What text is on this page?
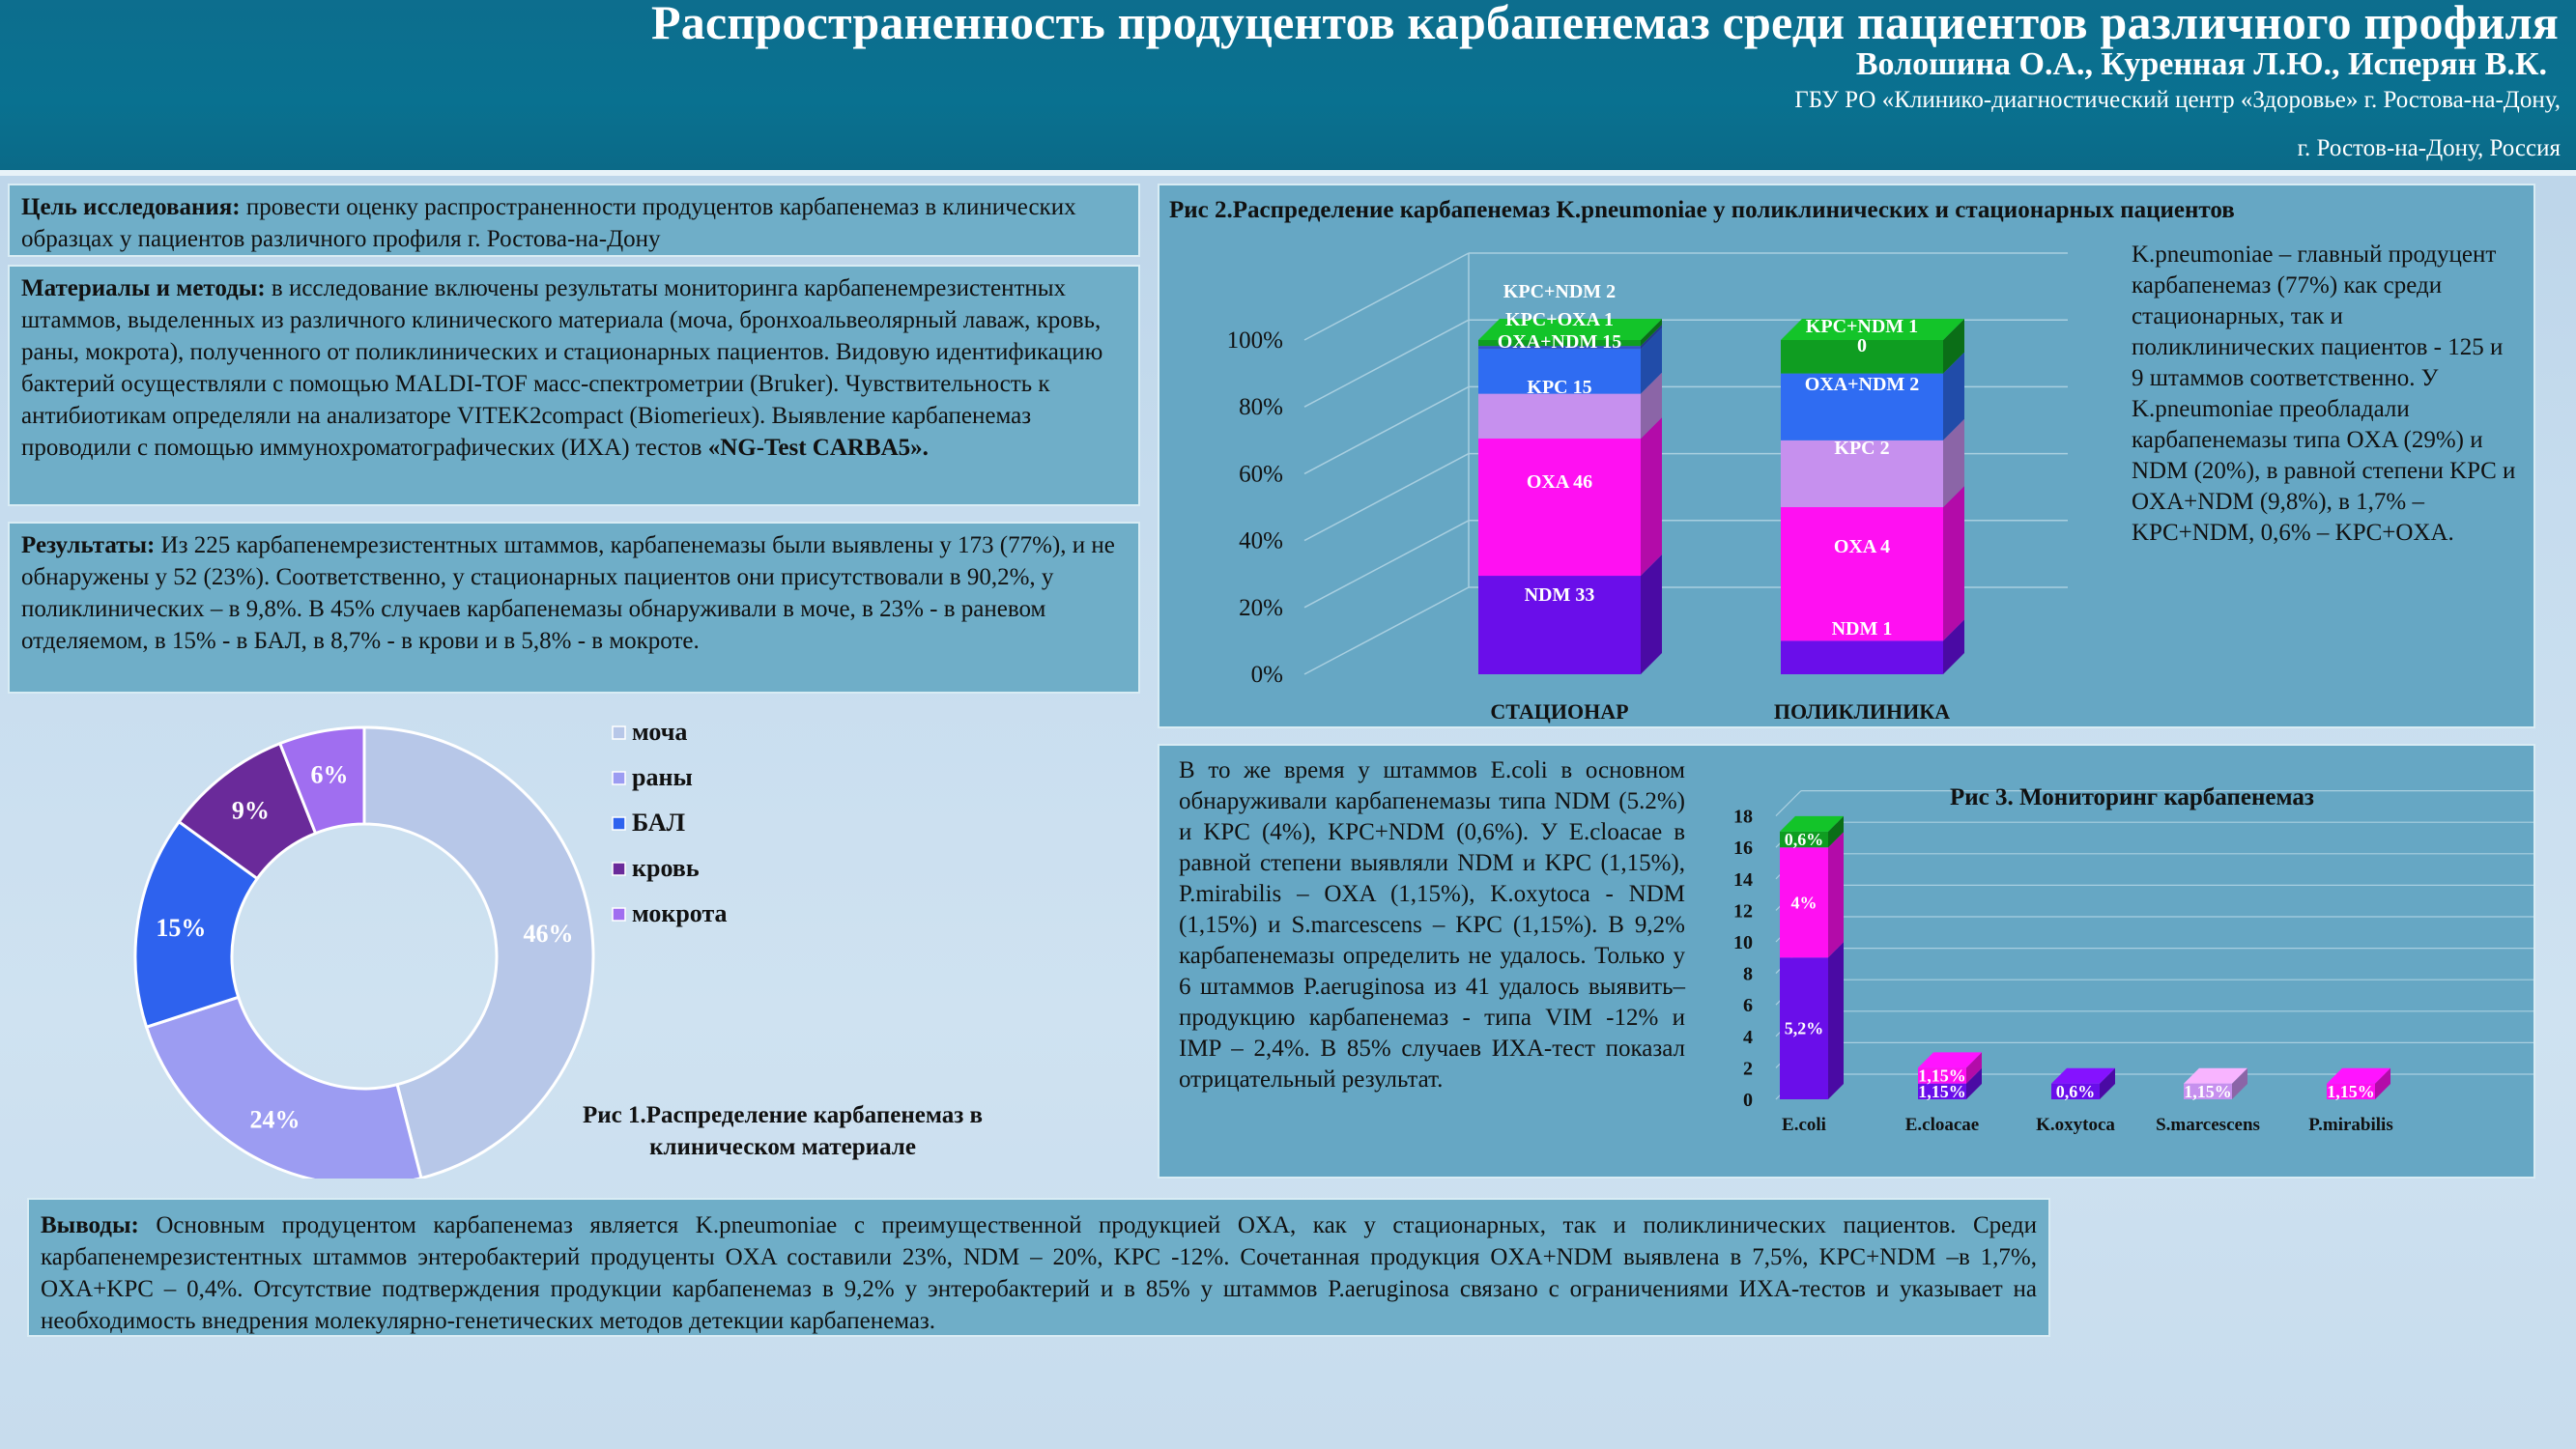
Распространенность продуцентов карбапенемаз среди пациентов различного профиля
Волошина О.А., Куренная Л.Ю., Исперян В.К.
ГБУ РО «Клинико-диагностический центр «Здоровье» г. Ростова-на-Дону,
г. Ростов-на-Дону, Россия
Цель исследования: провести оценку распространенности продуцентов карбапенемаз в клинических образцах у пациентов различного профиля г. Ростова-на-Дону
Материалы и методы: в исследование включены результаты мониторинга карбапенемрезистентных штаммов, выделенных из различного клинического материала (моча, бронхоальвеолярный лаваж, кровь, раны, мокрота), полученного от поликлинических и стационарных пациентов. Видовую идентификацию бактерий осуществляли с помощью MALDI-TOF масс-спектрометрии (Bruker). Чувствительность к антибиотикам определяли на анализаторе VITEK2compact (Biomerieux). Выявление карбапенемаз проводили с помощью иммунохроматографических (ИХА) тестов «NG-Test CARBA5».
Результаты: Из 225 карбапенемрезистентных штаммов, карбапенемазы были выявлены у 173 (77%), и не обнаружены у 52 (23%). Соответственно, у стационарных пациентов они присутствовали в 90,2%, у поликлинических – в 9,8%. В 45% случаев карбапенемазы обнаруживали в моче, в 23% - в раневом отделяемом, в 15% - в БАЛ, в 8,7% - в крови и в 5,8% - в мокроте.
46%
24%
15%
9%
6%
моча
раны
БАЛ
кровь
мокрота
Рис 1.Распределение карбапенемаз в клиническом материале
Рис 2.Распределение карбапенемаз K.pneumoniae у поликлинических и стационарных пациентов
0%
20%
40%
60%
80%
100%
СТАЦИОНАР	ПОЛИКЛИНИКА
NDM 33
NDM 1
OXA 46
OXA 4
KPC 15
KPC 2
OXA+NDM 15
OXA+NDM 2
KPC+OXA 1
0
KPC+NDM 2
KPC+NDM 1
K.pneumoniae – главный продуцент карбапенемаз (77%) как среди стационарных, так и поликлинических пациентов - 125 и 9 штаммов соответственно. У K.pneumoniae преобладали карбапенемазы типа OXA (29%) и NDM (20%), в равной степени KPC и OXA+NDM (9,8%), в 1,7% – KPC+NDM, 0,6% – KPC+OXA.
В то же время у штаммов E.coli в основном обнаруживали карбапенемазы типа NDM (5.2%) и KPC (4%), KPC+NDM (0,6%). У E.cloacae в равной степени выявляли NDM и KPC (1,15%), P.mirabilis – OXA (1,15%), K.oxytoca - NDM (1,15%) и S.marcescens – KPC (1,15%). В 9,2% карбапенемазы определить не удалось. Только у 6 штаммов P.aeruginosa из 41 удалось выявить– продукцию карбапенемаз - типа VIM -12% и IMP – 2,4%. В 85% случаев ИХА-тест показал отрицательный результат.
0
2
4
6
8
10
12
14
16
18
5,2%
4%
0,6%
E.coli
1,15%
1,15%
E.cloacae
0,6%
K.oxytoca
1,15%
S.marcescens
1,15%
P.mirabilis
Рис 3. Мониторинг карбапенемаз
Выводы: Основным продуцентом карбапенемаз является K.pneumoniae с преимущественной продукцией OXA, как у стационарных, так и поликлинических пациентов. Среди карбапенемрезистентных штаммов энтеробактерий продуценты OXA составили 23%, NDM – 20%, KPC -12%. Сочетанная продукция OXA+NDM выявлена в 7,5%, KPC+NDM –в 1,7%, OXA+KPC – 0,4%. Отсутствие подтверждения продукции карбапенемаз в 9,2% у энтеробактерий и в 85% у штаммов P.aeruginosa связано с ограничениями ИХА-тестов и указывает на необходимость внедрения молекулярно-генетических методов детекции карбапенемаз.
